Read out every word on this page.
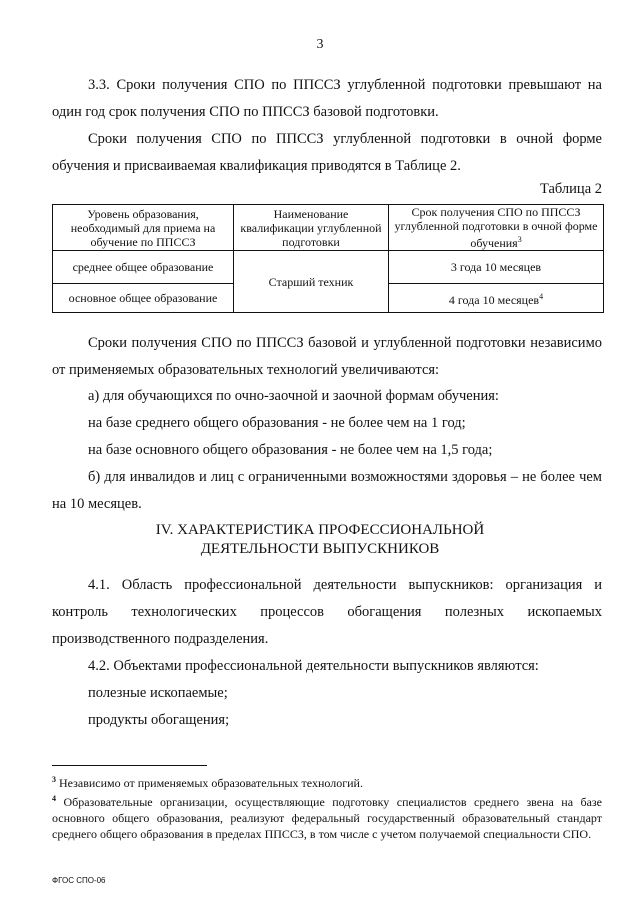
3

3.3. Сроки получения СПО по ППССЗ углубленной подготовки превышают на один год срок получения СПО по ППССЗ базовой подготовки.

Сроки получения СПО по ППССЗ углубленной подготовки в очной форме обучения и присваиваемая квалификация приводятся в Таблице 2.

Таблица 2
Уровень образования, необходимый для приема на обучение по ППССЗ	Наименование квалификации углубленной подготовки	Срок получения СПО по ППССЗ углубленной подготовки в очной форме обучения$^3$
среднее общее образование	Старший техник	3 года 10 месяцев
основное общее образование		4 года 10 месяцев$^4$

Сроки получения СПО по ППССЗ базовой и углубленной подготовки независимо от применяемых образовательных технологий увеличиваются:

а) для обучающихся по очно-заочной и заочной формам обучения:

на базе среднего общего образования - не более чем на 1 год;

на базе основного общего образования - не более чем на 1,5 года;

б) для инвалидов и лиц с ограниченными возможностями здоровья – не более чем на 10 месяцев.

IV. ХАРАКТЕРИСТИКА ПРОФЕССИОНАЛЬНОЙ
ДЕЯТЕЛЬНОСТИ ВЫПУСКНИКОВ

4.1. Область профессиональной деятельности выпускников: организация и контроль технологических процессов обогащения полезных ископаемых производственного подразделения.

4.2. Объектами профессиональной деятельности выпускников являются:

полезные ископаемые;

продукты обогащения;

$^3$ Независимо от применяемых образовательных технологий.

$^4$ Образовательные организации, осуществляющие подготовку специалистов среднего звена на базе основного общего образования, реализуют федеральный государственный образовательный стандарт среднего общего образования в пределах ППССЗ, в том числе с учетом получаемой специальности СПО.

ФГОС СПО-06
